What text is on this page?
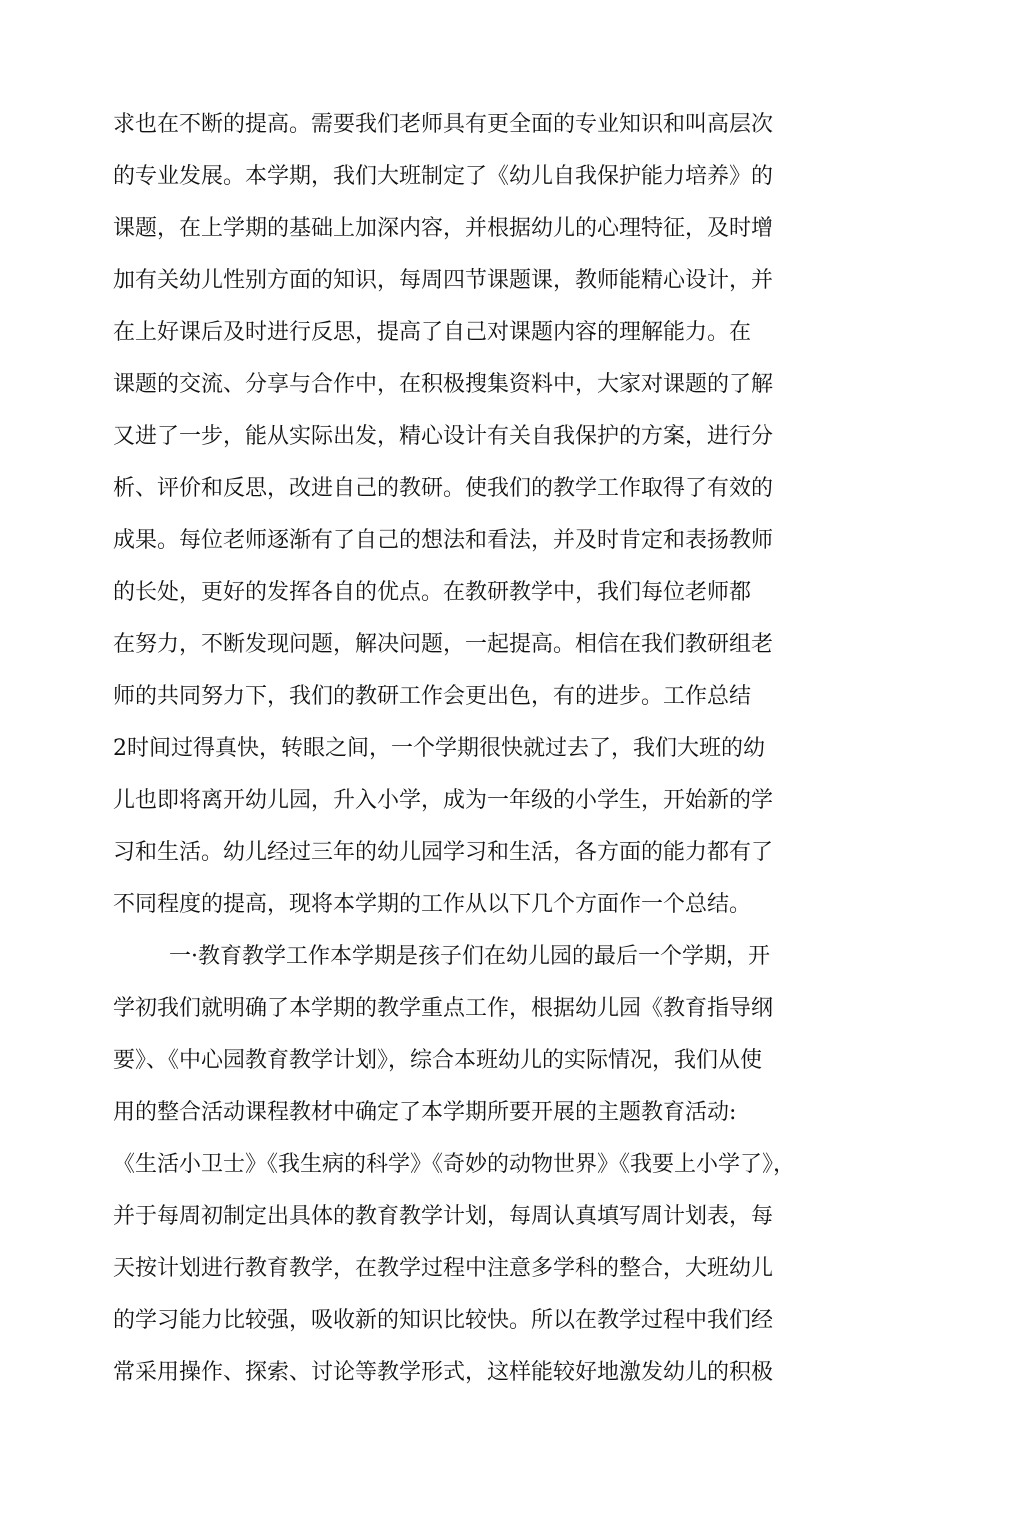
求也在不断的提高。需要我们老师具有更全面的专业知识和叫高层次

的专业发展。本学期，我们大班制定了《幼儿自我保护能力培养》的

课题，在上学期的基础上加深内容，并根据幼儿的心理特征，及时增

加有关幼儿性别方面的知识，每周四节课题课，教师能精心设计，并

在上好课后及时进行反思，提高了自己对课题内容的理解能力。在

课题的交流、分享与合作中，在积极搜集资料中，大家对课题的了解

又进了一步，能从实际出发，精心设计有关自我保护的方案，进行分

析、评价和反思，改进自己的教研。使我们的教学工作取得了有效的

成果。每位老师逐渐有了自己的想法和看法，并及时肯定和表扬教师

的长处，更好的发挥各自的优点。在教研教学中，我们每位老师都

在努力，不断发现问题，解决问题，一起提高。相信在我们教研组老

师的共同努力下，我们的教研工作会更出色，有的进步。工作总结

2时间过得真快，转眼之间，一个学期很快就过去了，我们大班的幼

儿也即将离开幼儿园，升入小学，成为一年级的小学生，开始新的学

习和生活。幼儿经过三年的幼儿园学习和生活，各方面的能力都有了

不同程度的提高，现将本学期的工作从以下几个方面作一个总结。

一·教育教学工作本学期是孩子们在幼儿园的最后一个学期，开

学初我们就明确了本学期的教学重点工作，根据幼儿园《教育指导纲

要》、《中心园教育教学计划》，综合本班幼儿的实际情况，我们从使

用的整合活动课程教材中确定了本学期所要开展的主题教育活动:

《生活小卫士》《我生病的科学》《奇妙的动物世界》《我要上小学了》，

并于每周初制定出具体的教育教学计划，每周认真填写周计划表，每

天按计划进行教育教学，在教学过程中注意多学科的整合，大班幼儿

的学习能力比较强，吸收新的知识比较快。所以在教学过程中我们经

常采用操作、探索、讨论等教学形式，这样能较好地激发幼儿的积极
